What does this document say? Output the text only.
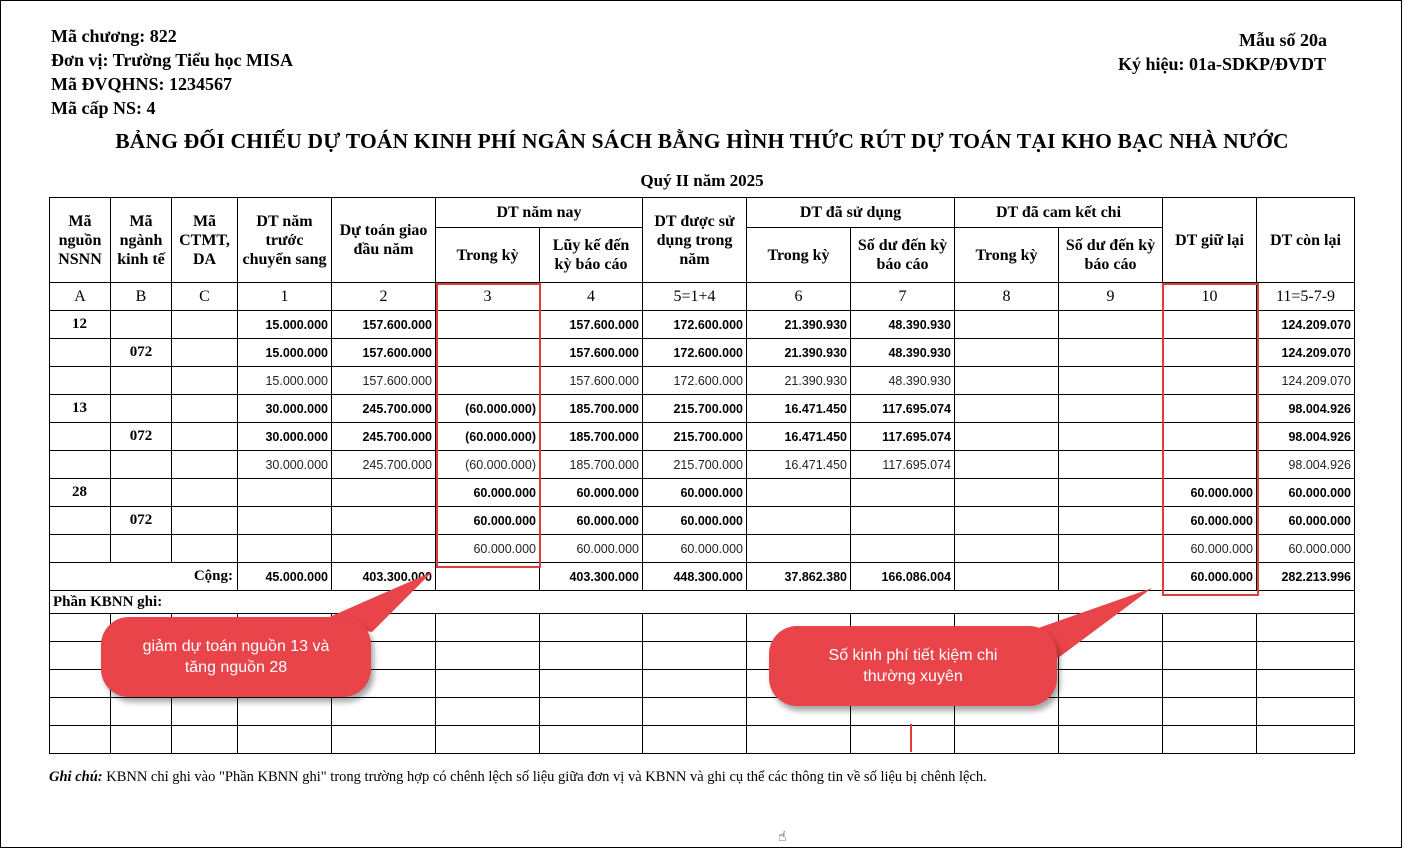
Mã chương: 822
Đơn vị: Trường Tiểu học MISA
Mã ĐVQHNS: 1234567
Mã cấp NS: 4
Mẫu số 20a
Ký hiệu: 01a-SDKP/ĐVDT
BẢNG ĐỐI CHIẾU DỰ TOÁN KINH PHÍ NGÂN SÁCH BẰNG HÌNH THỨC RÚT DỰ TOÁN TẠI KHO BẠC NHÀ NƯỚC
Quý II năm 2025
Mã nguồn NSNN	Mã ngành kinh tế	Mã CTMT, DA	DT năm trước chuyển sang	Dự toán giao đầu năm	DT năm nay		DT được sử dụng trong năm	DT đã sử dụng		DT đã cam kết chi		DT giữ lại	DT còn lại
					Trong kỳ	Lũy kế đến kỳ báo cáo		Trong kỳ	Số dư đến kỳ báo cáo	Trong kỳ	Số dư đến kỳ báo cáo		
A	B	C	1	2	3	4	5=1+4	6	7	8	9	10	11=5-7-9
12			15.000.000	157.600.000		157.600.000	172.600.000	21.390.930	48.390.930				124.209.070
	072		15.000.000	157.600.000		157.600.000	172.600.000	21.390.930	48.390.930				124.209.070
			15.000.000	157.600.000		157.600.000	172.600.000	21.390.930	48.390.930				124.209.070
13			30.000.000	245.700.000	(60.000.000)	185.700.000	215.700.000	16.471.450	117.695.074				98.004.926
	072		30.000.000	245.700.000	(60.000.000)	185.700.000	215.700.000	16.471.450	117.695.074				98.004.926
			30.000.000	245.700.000	(60.000.000)	185.700.000	215.700.000	16.471.450	117.695.074				98.004.926
28					60.000.000	60.000.000	60.000.000					60.000.000	60.000.000
	072				60.000.000	60.000.000	60.000.000					60.000.000	60.000.000
					60.000.000	60.000.000	60.000.000					60.000.000	60.000.000
Cộng:			45.000.000	403.300.000		403.300.000	448.300.000	37.862.380	166.086.004			60.000.000	282.213.996
Phần KBNN ghi:													

Ghi chú: KBNN chỉ ghi vào "Phần KBNN ghi" trong trường hợp có chênh lệch số liệu giữa đơn vị và KBNN và ghi cụ thể các thông tin về số liệu bị chênh lệch.
giảm dự toán nguồn 13 và tăng nguồn 28
Số kinh phí tiết kiệm chi thường xuyên
☝
